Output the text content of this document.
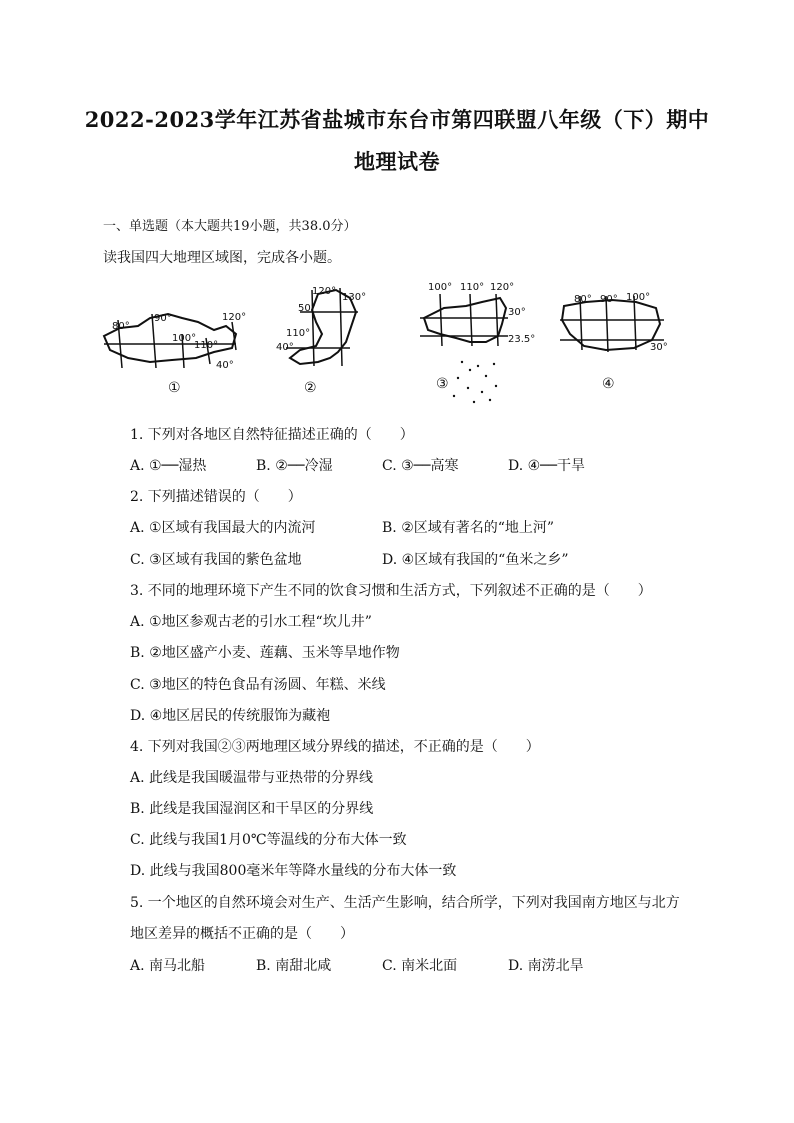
2022-2023学年江苏省盐城市东台市第四联盟八年级（下）期中
地理试卷
一、单选题（本大题共19小题，共38.0分）
读我国四大地理区域图，完成各小题。
80°
90°
100°
110°
120°
40°
120°
130°
50°
110°
40°
100° 110° 120°
30°
23.5°
80° 90° 100°
30°
①	②	③	④
1. 下列对各地区自然特征描述正确的（　　）
A. ①──湿热	B. ②──冷湿	C. ③──高寒	D. ④──干旱
2. 下列描述错误的（　　）
A. ①区域有我国最大的内流河	B. ②区域有著名的“地上河”
C. ③区域有我国的紫色盆地	D. ④区域有我国的“鱼米之乡”
3. 不同的地理环境下产生不同的饮食习惯和生活方式，下列叙述不正确的是（　　）
A. ①地区参观古老的引水工程“坎儿井”
B. ②地区盛产小麦、莲藕、玉米等旱地作物
C. ③地区的特色食品有汤圆、年糕、米线
D. ④地区居民的传统服饰为藏袍
4. 下列对我国②③两地理区域分界线的描述，不正确的是（　　）
A. 此线是我国暖温带与亚热带的分界线
B. 此线是我国湿润区和干旱区的分界线
C. 此线与我国1月0℃等温线的分布大体一致
D. 此线与我国800毫米年等降水量线的分布大体一致
5. 一个地区的自然环境会对生产、生活产生影响，结合所学，下列对我国南方地区与北方
地区差异的概括不正确的是（　　）
A. 南马北船	B. 南甜北咸	C. 南米北面	D. 南涝北旱
